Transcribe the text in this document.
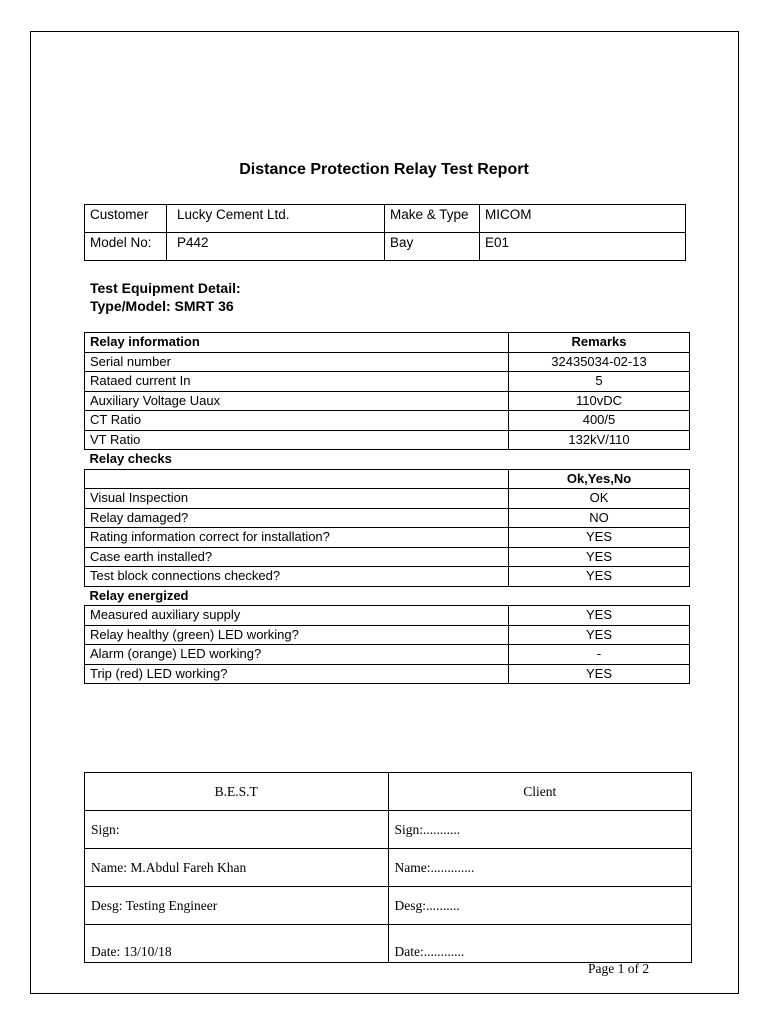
Distance Protection Relay Test Report
Customer	Lucky Cement Ltd.	Make & Type	MICOM
Model No:	P442	Bay	E01
Test Equipment Detail:
Type/Model: SMRT 36
Relay information	Remarks
Serial number	32435034-02-13
Rataed current In	5
Auxiliary Voltage Uaux	110vDC
CT Ratio	400/5
VT Ratio	132kV/110
Relay checks	
	Ok,Yes,No
Visual Inspection	OK
Relay damaged?	NO
Rating information correct for installation?	YES
Case earth installed?	YES
Test block connections checked?	YES
Relay energized	
Measured auxiliary supply	YES
Relay healthy (green) LED working?	YES
Alarm (orange) LED working?	-
Trip (red) LED working?	YES
B.E.S.T	Client
Sign:	Sign:...........
Name: M.Abdul Fareh Khan	Name:.............
Desg: Testing Engineer	Desg:..........
Date: 13/10/18	Date:............
Page 1 of 2
